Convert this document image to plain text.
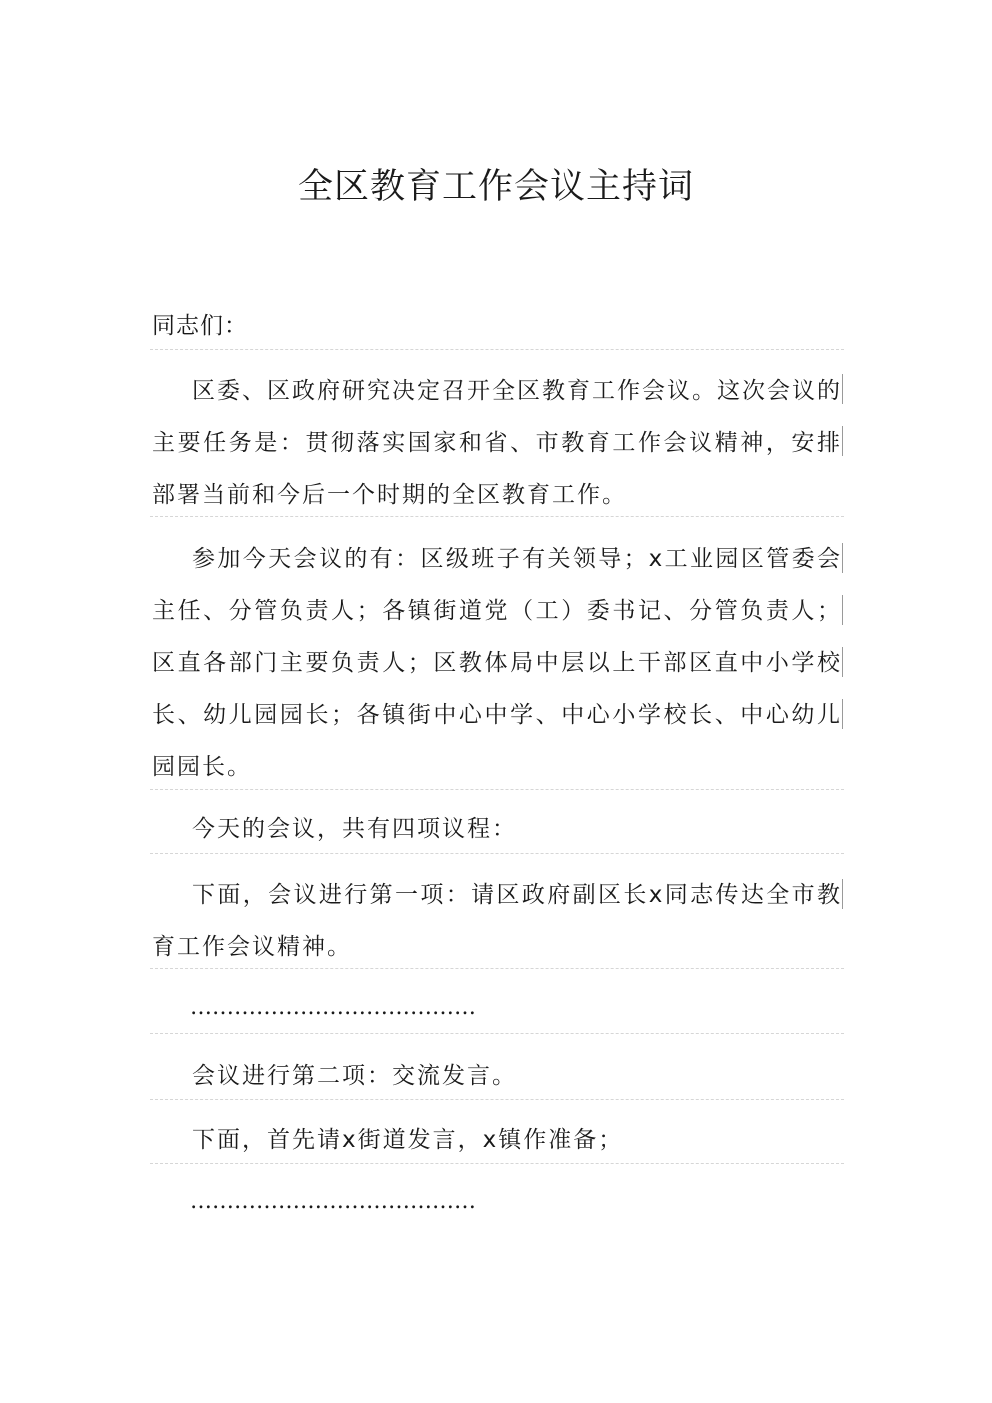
全区教育工作会议主持词

同志们：

区委、区政府研究决定召开全区教育工作会议。这次会议的主要任务是：贯彻落实国家和省、市教育工作会议精神，安排部署当前和今后一个时期的全区教育工作。

参加今天会议的有：区级班子有关领导；x工业园区管委会主任、分管负责人；各镇街道党（工）委书记、分管负责人；区直各部门主要负责人；区教体局中层以上干部区直中小学校长、幼儿园园长；各镇街中心中学、中心小学校长、中心幼儿园园长。

今天的会议，共有四项议程：

下面，会议进行第一项：请区政府副区长x同志传达全市教育工作会议精神。

…………………………………

会议进行第二项：交流发言。

下面，首先请x街道发言，x镇作准备；

…………………………………
